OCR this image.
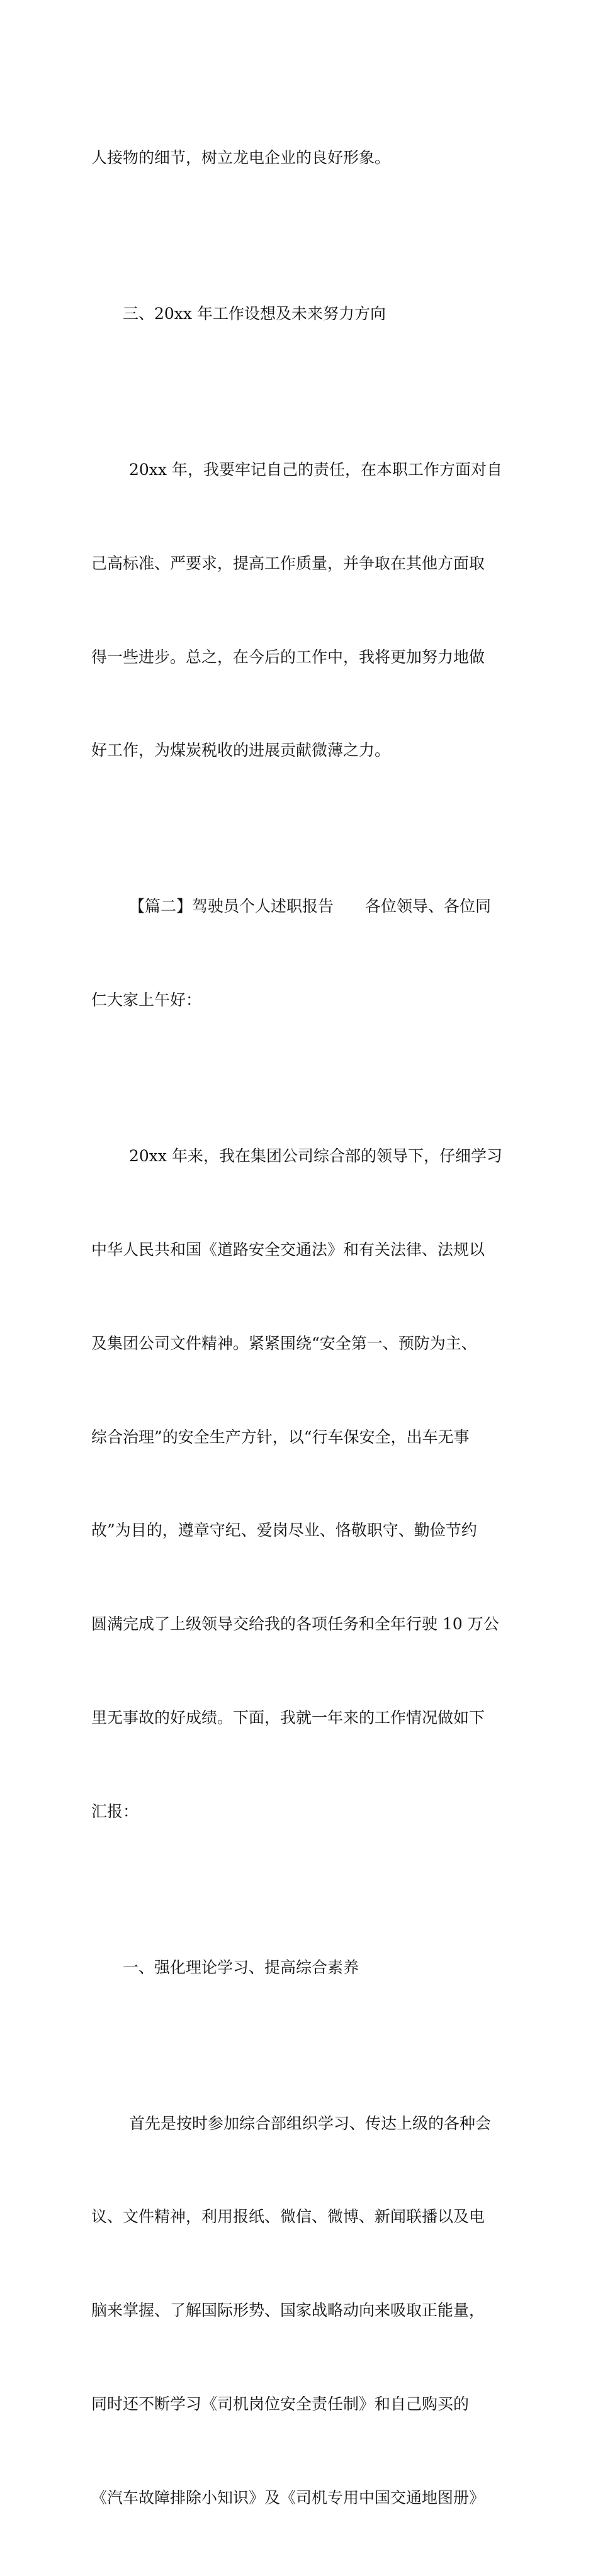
人接物的细节，树立龙电企业的良好形象。

三、20xx 年工作设想及未来努力方向

20xx 年，我要牢记自己的责任，在本职工作方面对自

己高标准、严要求，提高工作质量，并争取在其他方面取

得一些进步。总之，在今后的工作中，我将更加努力地做

好工作，为煤炭税收的进展贡献微薄之力。

【篇二】驾驶员个人述职报告　　各位领导、各位同

仁大家上午好：

20xx 年来，我在集团公司综合部的领导下，仔细学习

中华人民共和国《道路安全交通法》和有关法律、法规以

及集团公司文件精神。紧紧围绕“安全第一、预防为主、

综合治理”的安全生产方针，以“行车保安全，出车无事

故”为目的，遵章守纪、爱岗尽业、恪敬职守、勤俭节约

圆满完成了上级领导交给我的各项任务和全年行驶 10 万公

里无事故的好成绩。下面，我就一年来的工作情况做如下

汇报：

一、强化理论学习、提高综合素养

首先是按时参加综合部组织学习、传达上级的各种会

议、文件精神，利用报纸、微信、微博、新闻联播以及电

脑来掌握、了解国际形势、国家战略动向来吸取正能量，

同时还不断学习《司机岗位安全责任制》和自己购买的

《汽车故障排除小知识》及《司机专用中国交通地图册》
